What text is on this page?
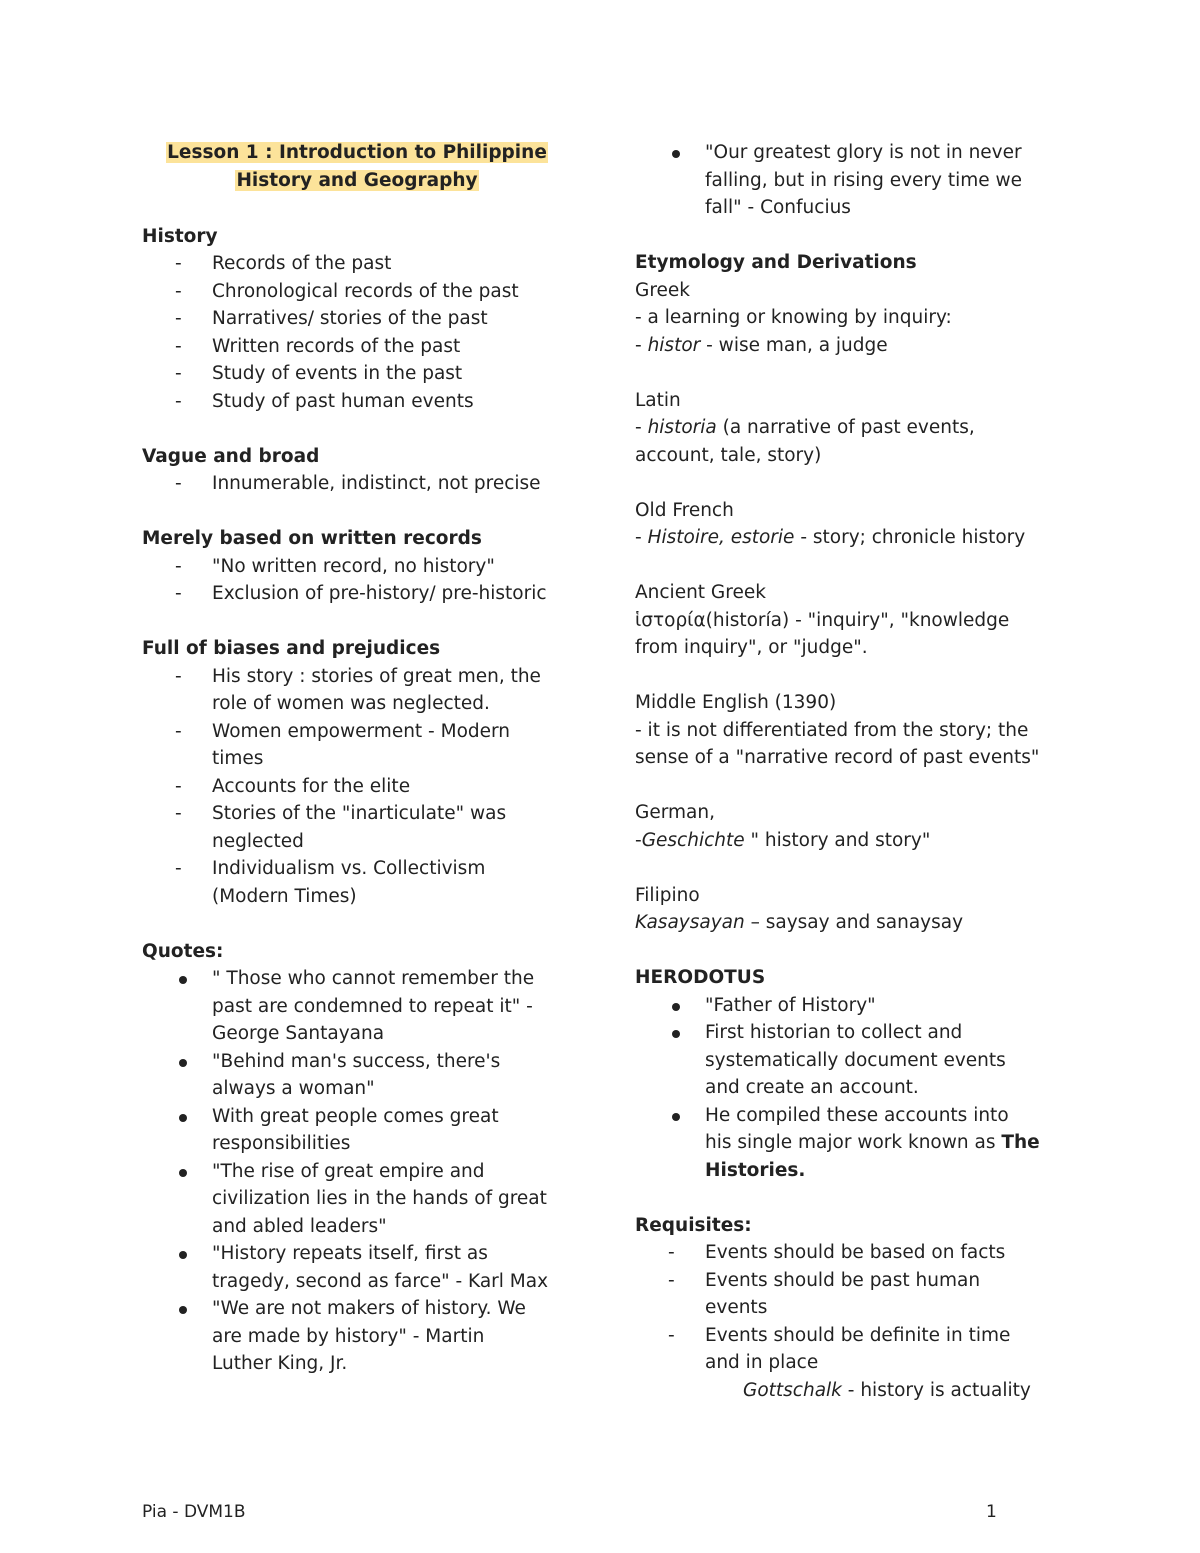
Lesson 1 : Introduction to Philippine
History and Geography

History

-	Records of the past
-	Chronological records of the past
-	Narratives/ stories of the past
-	Written records of the past
-	Study of events in the past
-	Study of past human events

Vague and broad

-	Innumerable, indistinct, not precise

Merely based on written records

-	"No written record, no history"
-	Exclusion of pre-history/ pre-historic

Full of biases and prejudices

-	His story : stories of great men, the
role of women was neglected.
-	Women empowerment - Modern
times
-	Accounts for the elite
-	Stories of the "inarticulate" was
neglected
-	Individualism vs. Collectivism
(Modern Times)

Quotes:

" Those who cannot remember the
past are condemned to repeat it" -
George Santayana
"Behind man's success, there's
always a woman"
With great people comes great
responsibilities
"The rise of great empire and
civilization lies in the hands of great
and abled leaders"
"History repeats itself, first as
tragedy, second as farce" - Karl Max
"We are not makers of history. We
are made by history" - Martin
Luther King, Jr.
"Our greatest glory is not in never
falling, but in rising every time we
fall" - Confucius

Etymology and Derivations

Greek

- a learning or knowing by inquiry:

- histor - wise man, a judge

Latin

- historia (a narrative of past events,

account, tale, story)

Old French

- Histoire, estorie - story; chronicle history

Ancient Greek

ἱστορία(historía) - "inquiry", "knowledge

from inquiry", or "judge".

Middle English (1390)

- it is not differentiated from the story; the

sense of a "narrative record of past events"

German,

-Geschichte " history and story"

Filipino

Kasaysayan – saysay and sanaysay

HERODOTUS

"Father of History"
First historian to collect and
systematically document events
and create an account.
He compiled these accounts into
his single major work known as The
Histories.

Requisites:

-	Events should be based on facts
-	Events should be past human
events
-	Events should be definite in time
and in place

Gottschalk - history is actuality

Pia - DVM1B	1
